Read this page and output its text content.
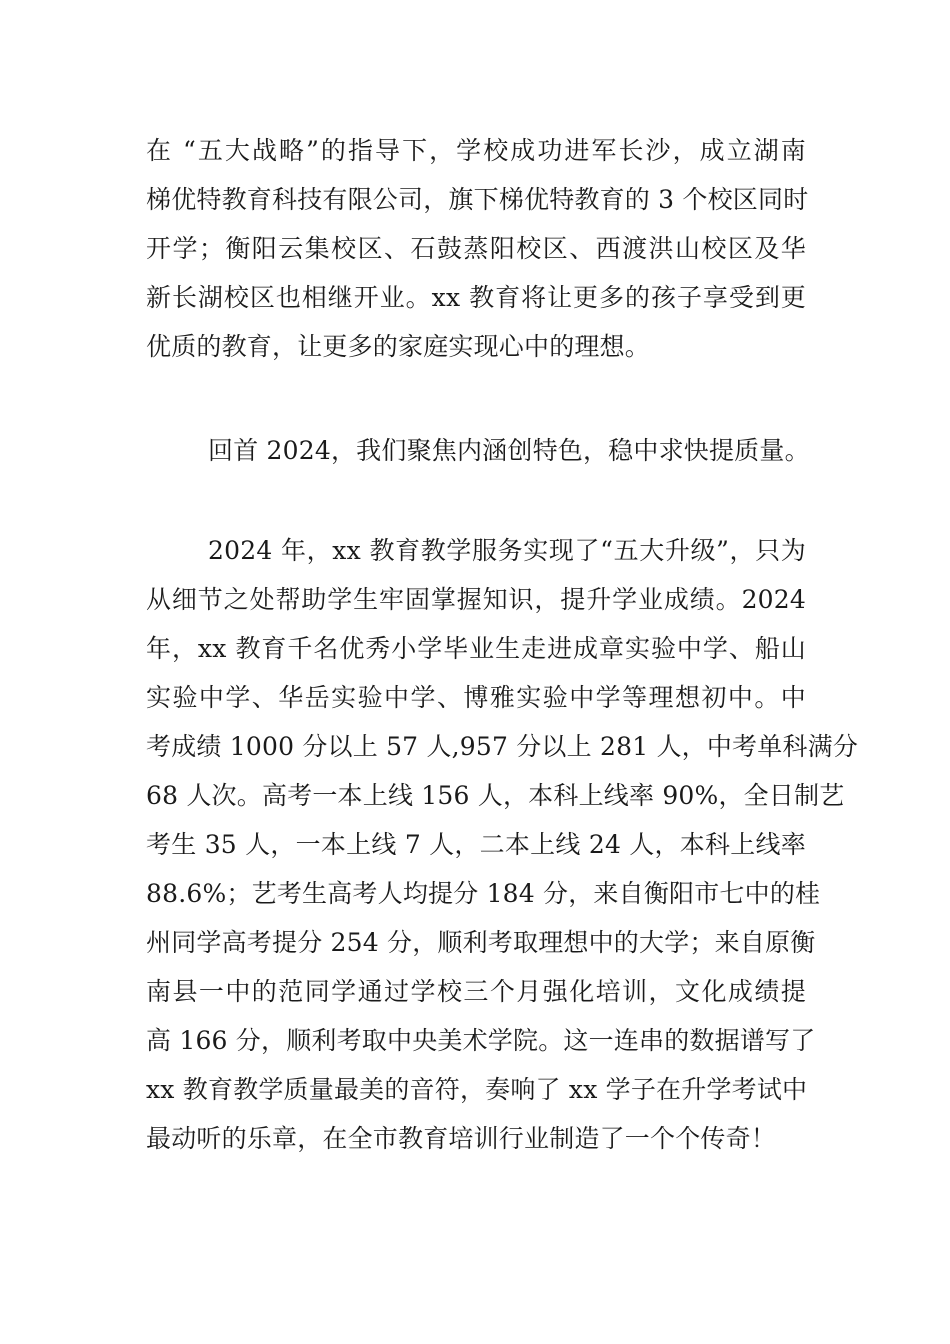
在 “五大战略”的指导下，学校成功进军长沙，成立湖南
梯优特教育科技有限公司，旗下梯优特教育的 3 个校区同时
开学；衡阳云集校区、石鼓蒸阳校区、西渡洪山校区及华
新长湖校区也相继开业。xx 教育将让更多的孩子享受到更
优质的教育，让更多的家庭实现心中的理想。
回首 2024，我们聚焦内涵创特色，稳中求快提质量。
2024 年，xx 教育教学服务实现了“五大升级”，只为
从细节之处帮助学生牢固掌握知识，提升学业成绩。2024
年，xx 教育千名优秀小学毕业生走进成章实验中学、船山
实验中学、华岳实验中学、博雅实验中学等理想初中。中
考成绩 1000 分以上 57 人,957 分以上 281 人，中考单科满分
68 人次。高考一本上线 156 人，本科上线率 90%，全日制艺
考生 35 人，一本上线 7 人，二本上线 24 人，本科上线率
88.6%；艺考生高考人均提分 184 分，来自衡阳市七中的桂
州同学高考提分 254 分，顺利考取理想中的大学；来自原衡
南县一中的范同学通过学校三个月强化培训，文化成绩提
高 166 分，顺利考取中央美术学院。这一连串的数据谱写了
xx 教育教学质量最美的音符，奏响了 xx 学子在升学考试中
最动听的乐章，在全市教育培训行业制造了一个个传奇！
